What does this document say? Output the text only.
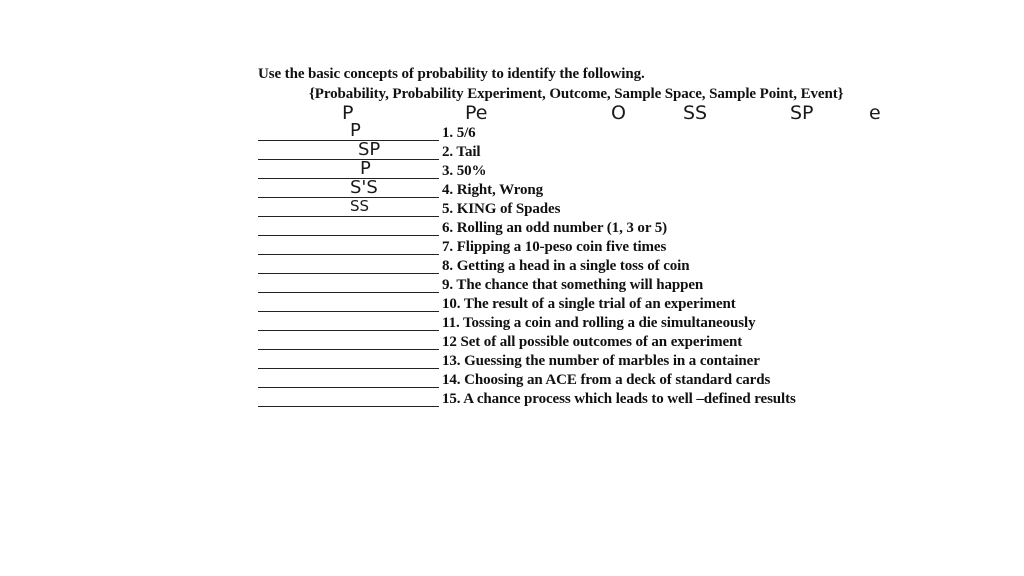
Use the basic concepts of probability to identify the following.
{Probability, Probability Experiment, Outcome, Sample Space, Sample Point, Event}
P	Pe	O	SS	SP	e
P	1. 5/6
SP	2. Tail
P	3. 50%
S'S	4. Right, Wrong
SS	5. KING of Spades
6. Rolling an odd number (1, 3 or 5)
7. Flipping a 10-peso coin five times
8. Getting a head in a single toss of coin
9. The chance that something will happen
10. The result of a single trial of an experiment
11. Tossing a coin and rolling a die simultaneously
12 Set of all possible outcomes of an experiment
13. Guessing the number of marbles in a container
14. Choosing an ACE from a deck of standard cards
15. A chance process which leads to well –defined results
